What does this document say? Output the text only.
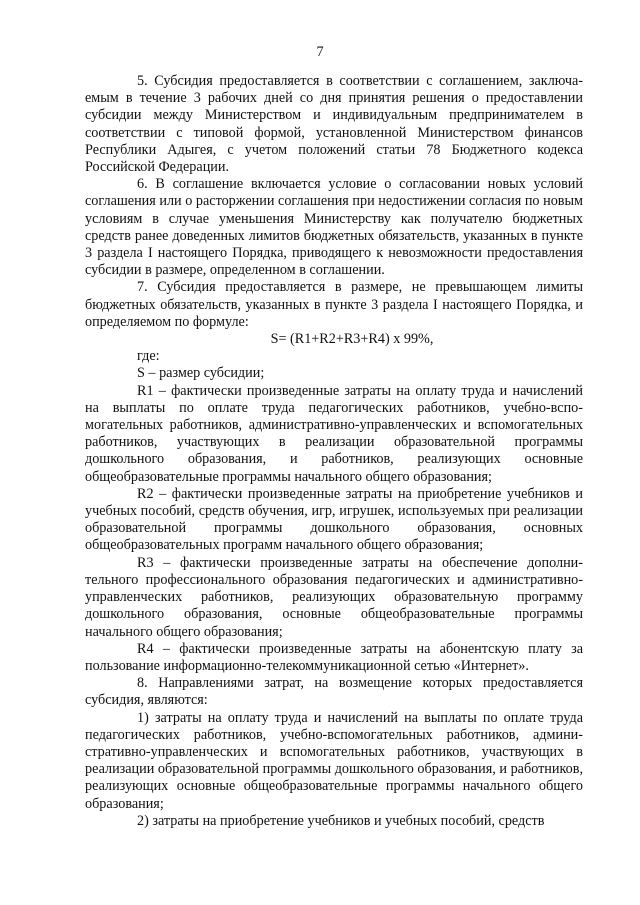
7

5. Субсидия предоставляется в соответствии с соглашением, заключаемым в течение 3 рабочих дней со дня принятия решения о предоставлении субсидии между Министерством и индивидуальным предпринимателем в соответствии с типовой формой, установленной Министерством финансов Республики Адыгея, с учетом положений статьи 78 Бюджетного кодекса Российской Федерации.

6. В соглашение включается условие о согласовании новых условий соглашения или о расторжении соглашения при недостижении согласия по новым условиям в случае уменьшения Министерству как получателю бюджетных средств ранее доведенных лимитов бюджетных обязательств, указанных в пункте 3 раздела I настоящего Порядка, приводящего к невозможности предоставления субсидии в размере, определенном в соглашении.

7. Субсидия предоставляется в размере, не превышающем лимиты бюджетных обязательств, указанных в пункте 3 раздела I настоящего Порядка, и определяемом по формуле:

S= (R1+R2+R3+R4) х 99%,

где:

S – размер субсидии;

R1 – фактически произведенные затраты на оплату труда и начислений на выплаты по оплате труда педагогических работников, учебно-вспомогательных работников, административно-управленческих и вспомогательных работников, участвующих в реализации образовательной программы дошкольного образования, и работников, реализующих основные общеобразовательные программы начального общего образования;

R2 – фактически произведенные затраты на приобретение учебников и учебных пособий, средств обучения, игр, игрушек, используемых при реализации образовательной программы дошкольного образования, основных общеобразовательных программ начального общего образования;

R3 – фактически произведенные затраты на обеспечение дополнительного профессионального образования педагогических и административно-управленческих работников, реализующих образовательную программу дошкольного образования, основные общеобразовательные программы начального общего образования;

R4 – фактически произведенные затраты на абонентскую плату за пользование информационно-телекоммуникационной сетью «Интернет».

8. Направлениями затрат, на возмещение которых предоставляется субсидия, являются:

1) затраты на оплату труда и начислений на выплаты по оплате труда педагогических работников, учебно-вспомогательных работников, административно-управленческих и вспомогательных работников, участвующих в реализации образовательной программы дошкольного образования, и работников, реализующих основные общеобразовательные программы начального общего образования;

2) затраты на приобретение учебников и учебных пособий, средств
